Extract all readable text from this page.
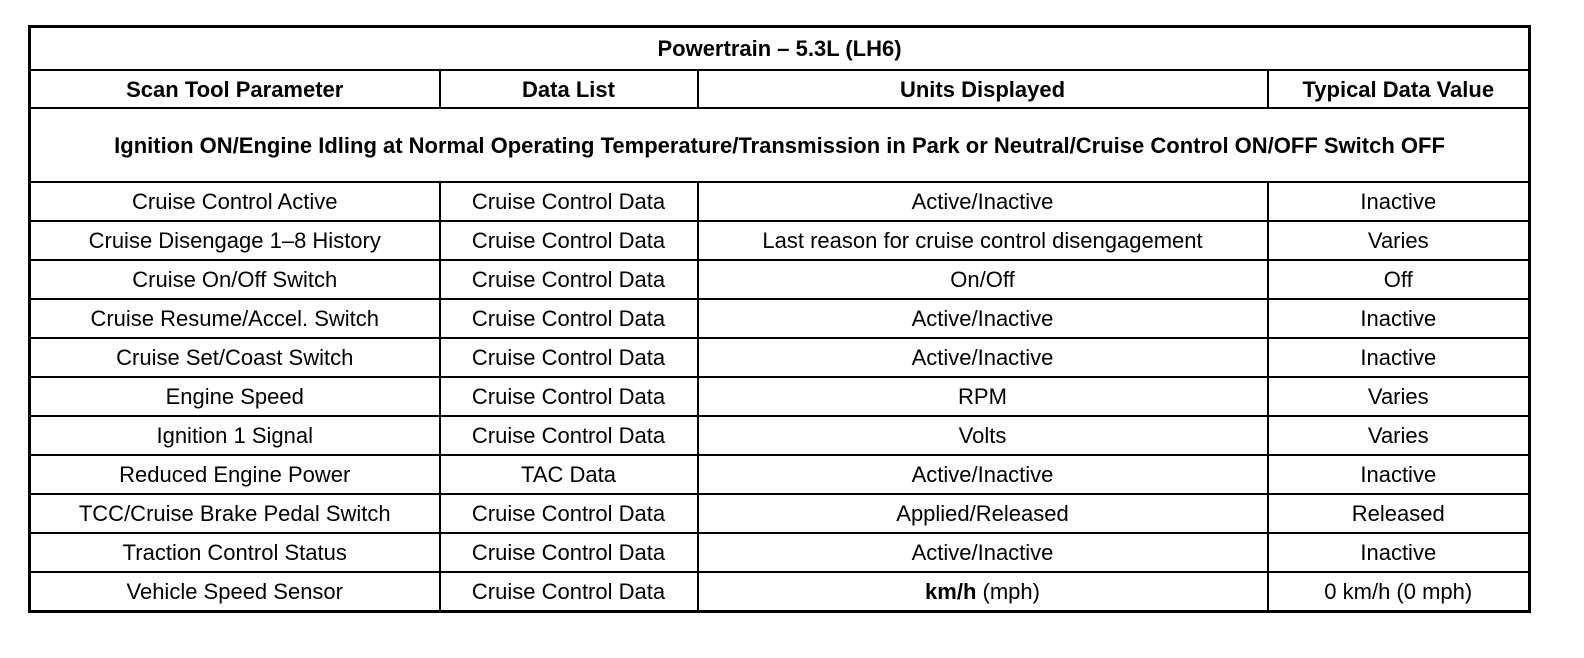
Powertrain – 5.3L (LH6)			
Scan Tool Parameter	Data List	Units Displayed	Typical Data Value
Ignition ON/Engine Idling at Normal Operating Temperature/Transmission in Park or Neutral/Cruise Control ON/OFF Switch OFF			
Cruise Control Active	Cruise Control Data	Active/Inactive	Inactive
Cruise Disengage 1–8 History	Cruise Control Data	Last reason for cruise control disengagement	Varies
Cruise On/Off Switch	Cruise Control Data	On/Off	Off
Cruise Resume/Accel. Switch	Cruise Control Data	Active/Inactive	Inactive
Cruise Set/Coast Switch	Cruise Control Data	Active/Inactive	Inactive
Engine Speed	Cruise Control Data	RPM	Varies
Ignition 1 Signal	Cruise Control Data	Volts	Varies
Reduced Engine Power	TAC Data	Active/Inactive	Inactive
TCC/Cruise Brake Pedal Switch	Cruise Control Data	Applied/Released	Released
Traction Control Status	Cruise Control Data	Active/Inactive	Inactive
Vehicle Speed Sensor	Cruise Control Data	km/h (mph)	0 km/h (0 mph)
